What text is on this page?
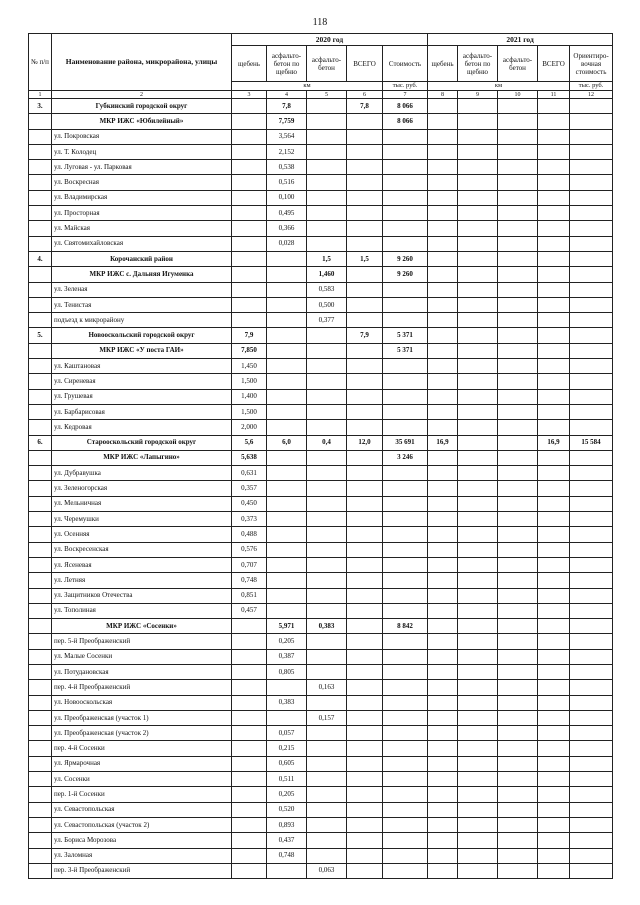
118
№ п/п	Наименование района, микрорайона, улицы	2020 год					2021 год				
		щебень	асфальто-бетон по щебню	асфальто-бетон	ВСЕГО	Стоимость	щебень	асфальто-бетон по щебню	асфальто-бетон	ВСЕГО	Ориентиро-вочная стоимость
		км				тыс. руб.	км				тыс. руб.
1	2	3	4	5	6	7	8	9	10	11	12
3.	Губкинский городской округ		7,8		7,8	8 066					
	МКР ИЖС «Юбилейный»		7,759			8 066					
	ул. Покровская		3,564								
	ул. Т. Колодец		2,152								
	ул. Луговая - ул. Парковая		0,538								
	ул. Воскресная		0,516								
	ул. Владимирская		0,100								
	ул. Просторная		0,495								
	ул. Майская		0,366								
	ул. Святомихайловская		0,028								
4.	Корочанский район			1,5	1,5	9 260					
	МКР ИЖС с. Дальняя Игуменка			1,460		9 260					
	ул. Зеленая			0,583							
	ул. Тенистая			0,500							
	подъезд к микрорайону			0,377							
5.	Новооскольский городской округ	7,9			7,9	5 371					
	МКР ИЖС «У поста ГАИ»	7,850				5 371					
	ул. Каштановая	1,450									
	ул. Сиреневая	1,500									
	ул. Грушевая	1,400									
	ул. Барбарисовая	1,500									
	ул. Кедровая	2,000									
6.	Старооскольский городской округ	5,6	6,0	0,4	12,0	35 691	16,9			16,9	15 584
	МКР ИЖС «Лапыгино»	5,638				3 246					
	ул. Дубравушка	0,631									
	ул. Зеленогорская	0,357									
	ул. Мельничная	0,450									
	ул. Черемушки	0,373									
	ул. Осенняя	0,488									
	ул. Воскресенская	0,576									
	ул. Ясеневая	0,707									
	ул. Летняя	0,748									
	ул. Защитников Отечества	0,851									
	ул. Тополиная	0,457									
	МКР ИЖС «Сосенки»		5,971	0,383		8 842					
	пер. 5-й Преображенский		0,205								
	ул. Малые Сосенки		0,387								
	ул. Потудановская		0,805								
	пер. 4-й Преображенский			0,163							
	ул. Новооскольская		0,383								
	ул. Преображенская (участок 1)			0,157							
	ул. Преображенская (участок 2)		0,057								
	пер. 4-й Сосенки		0,215								
	ул. Ярмарочная		0,605								
	ул. Сосенки		0,511								
	пер. 1-й Сосенки		0,205								
	ул. Севастопольская		0,520								
	ул. Севастопольская (участок 2)		0,893								
	ул. Бориса Морозова		0,437								
	ул. Заломная		0,748								
	пер. 3-й Преображенский			0,063							
